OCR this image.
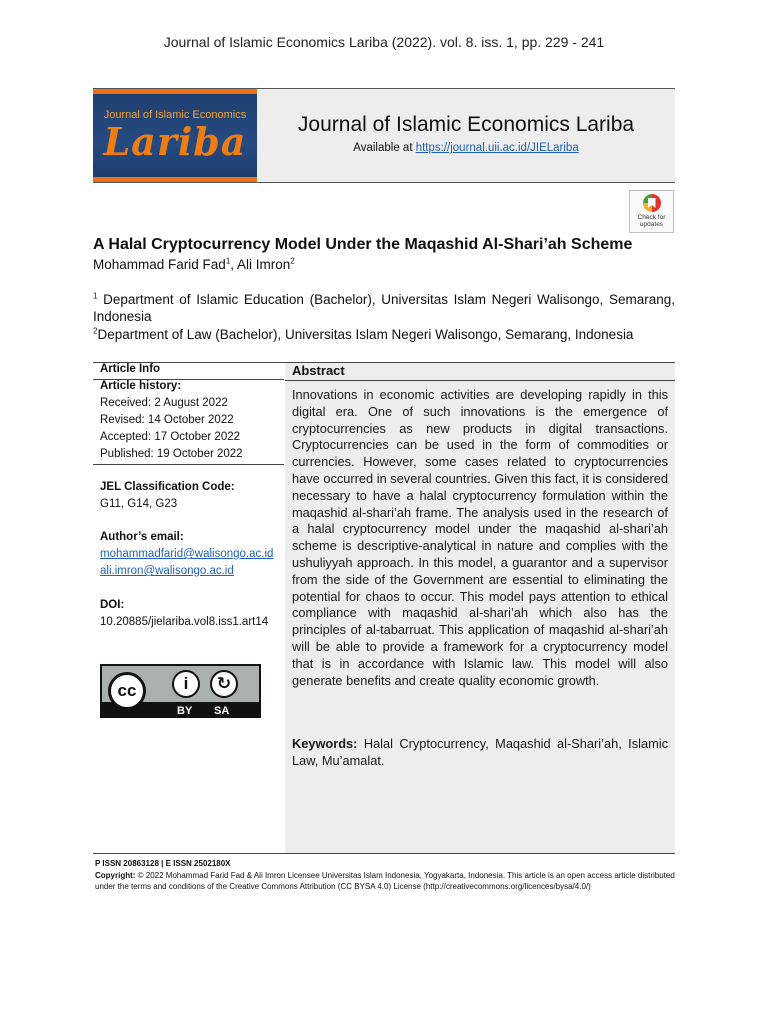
Journal of Islamic Economics Lariba (2022). vol. 8. iss. 1, pp. 229 - 241
Journal of Islamic Economics
Lariba	Journal of Islamic Economics Lariba
Available at https://journal.uii.ac.id/JIELariba
Check for
updates
A Halal Cryptocurrency Model Under the Maqashid Al-Shari’ah Scheme
Mohammad Farid Fad$^1$, Ali Imron$^2$
$^1$ Department of Islamic Education (Bachelor), Universitas Islam Negeri Walisongo, Semarang, Indonesia
$^2$Department of Law (Bachelor), Universitas Islam Negeri Walisongo, Semarang, Indonesia
Article Info
Article history:
Received: 2 August 2022
Revised: 14 October 2022
Accepted: 17 October 2022
Published: 19 October 2022
JEL Classification Code:
G11, G14, G23
Author’s email:
mohammadfarid@walisongo.ac.id
ali.imron@walisongo.ac.id
DOI:
10.20885/jielariba.vol8.iss1.art14
cc	i	↻
BY SA
Abstract
Innovations in economic activities are developing rapidly in this digital era. One of such innovations is the emergence of cryptocurrencies as new products in digital transactions. Cryptocurrencies can be used in the form of commodities or currencies. However, some cases related to cryptocurrencies have occurred in several countries. Given this fact, it is considered necessary to have a halal cryptocurrency formulation within the maqashid al-shari’ah frame. The analysis used in the research of a halal cryptocurrency model under the maqashid al-shari’ah scheme is descriptive-analytical in nature and complies with the ushuliyyah approach. In this model, a guarantor and a supervisor from the side of the Government are essential to eliminating the potential for chaos to occur. This model pays attention to ethical compliance with maqashid al-shari’ah which also has the principles of al-tabarruat. This application of maqashid al-shari’ah will be able to provide a framework for a cryptocurrency model that is in accordance with Islamic law. This model will also generate benefits and create quality economic growth.
Keywords: Halal Cryptocurrency, Maqashid al-Shari’ah, Islamic Law, Mu’amalat.
P ISSN 20863128 | E ISSN 2502180X
Copyright: © 2022 Mohammad Farid Fad & Ali Imron Licensee Universitas Islam Indonesia, Yogyakarta, Indonesia. This article is an open access article distributed under the terms and conditions of the Creative Commons Attribution (CC BYSA 4.0) License (http://creativecommons.org/licences/bysa/4.0/)
